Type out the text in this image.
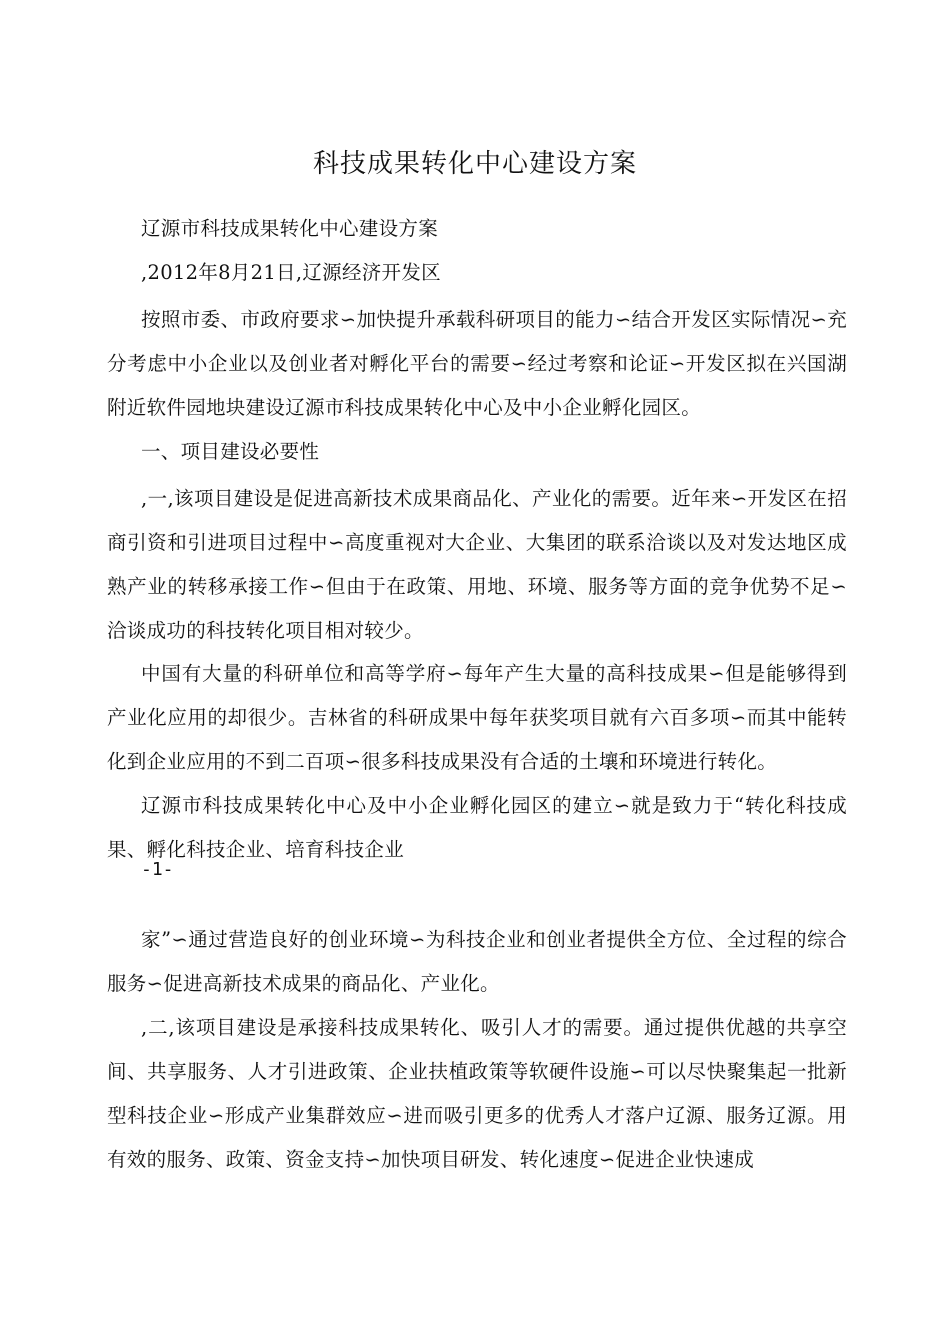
科技成果转化中心建设方案
辽源市科技成果转化中心建设方案
,2012年8月21日,辽源经济开发区

按照市委、市政府要求∽加快提升承载科研项目的能力∽结合开发区实际情况∽充分考虑中小企业以及创业者对孵化平台的需要∽经过考察和论证∽开发区拟在兴国湖附近软件园地块建设辽源市科技成果转化中心及中小企业孵化园区。

一、项目建设必要性

,一,该项目建设是促进高新技术成果商品化、产业化的需要。近年来∽开发区在招商引资和引进项目过程中∽高度重视对大企业、大集团的联系洽谈以及对发达地区成熟产业的转移承接工作∽但由于在政策、用地、环境、服务等方面的竞争优势不足∽洽谈成功的科技转化项目相对较少。

中国有大量的科研单位和高等学府∽每年产生大量的高科技成果∽但是能够得到产业化应用的却很少。吉林省的科研成果中每年获奖项目就有六百多项∽而其中能转化到企业应用的不到二百项∽很多科技成果没有合适的土壤和环境进行转化。

辽源市科技成果转化中心及中小企业孵化园区的建立∽就是致力于“转化科技成果、孵化科技企业、培育科技企业

-1-

家”∽通过营造良好的创业环境∽为科技企业和创业者提供全方位、全过程的综合服务∽促进高新技术成果的商品化、产业化。

,二,该项目建设是承接科技成果转化、吸引人才的需要。通过提供优越的共享空间、共享服务、人才引进政策、企业扶植政策等软硬件设施∽可以尽快聚集起一批新型科技企业∽形成产业集群效应∽进而吸引更多的优秀人才落户辽源、服务辽源。用有效的服务、政策、资金支持∽加快项目研发、转化速度∽促进企业快速成
